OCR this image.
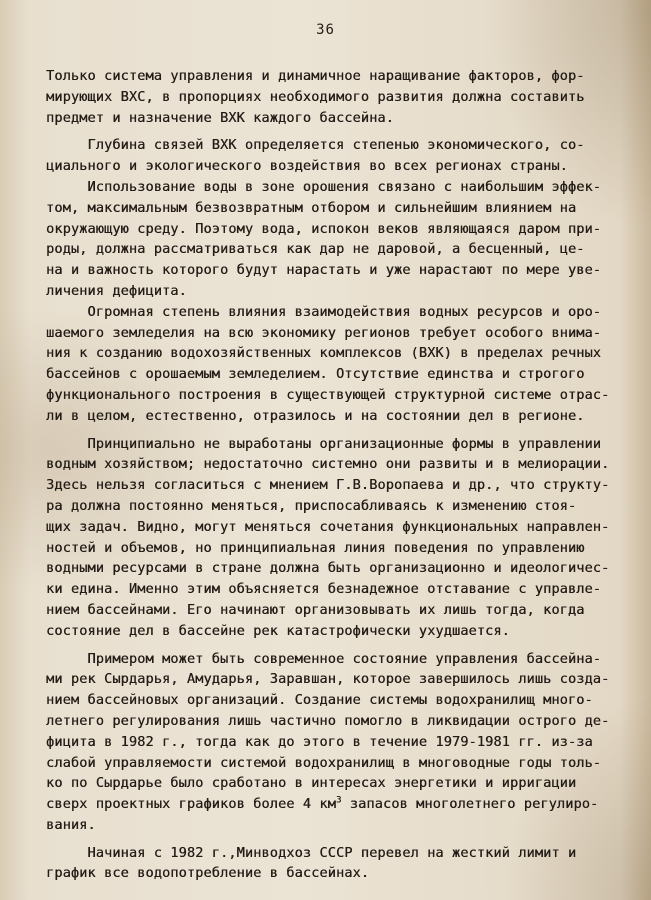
36
Только система управления и динамичное наращивание факторов, фор-
мирующих ВХС, в пропорциях необходимого развития должна составить
предмет и назначение ВХК каждого бассейна.
Глубина связей ВХК определяется степенью экономического, со-
циального и экологического воздействия во всех регионах страны.
Использование воды в зоне орошения связано с наибольшим эффек-
том, максимальным безвозвратным отбором и сильнейшим влиянием на
окружающую среду. Поэтому вода, испокон веков являющаяся даром при-
роды, должна рассматриваться как дар не даровой, а бесценный, це-
на и важность которого будут нарастать и уже нарастают по мере уве-
личения дефицита.
Огромная степень влияния взаимодействия водных ресурсов и оро-
шаемого земледелия на всю экономику регионов требует особого внима-
ния к созданию водохозяйственных комплексов (ВХК) в пределах речных
бассейнов с орошаемым земледелием. Отсутствие единства и строгого
функционального построения в существующей структурной системе отрас-
ли в целом, естественно, отразилось и на состоянии дел в регионе.
Принципиально не выработаны организационные формы в управлении
водным хозяйством; недостаточно системно они развиты и в мелиорации.
Здесь нельзя согласиться с мнением Г.В.Воропаева и др., что структу-
ра должна постоянно меняться, приспосабливаясь к изменению стоя-
щих задач. Видно, могут меняться сочетания функциональных направлен-
ностей и объемов, но принципиальная линия поведения по управлению
водными ресурсами в стране должна быть организационно и идеологичес-
ки едина. Именно этим объясняется безнадежное отставание с управле-
нием бассейнами. Его начинают организовывать их лишь тогда, когда
состояние дел в бассейне рек катастрофически ухудшается.
Примером может быть современное состояние управления бассейна-
ми рек Сырдарья, Амударья, Заравшан, которое завершилось лишь созда-
нием бассейновых организаций. Создание системы водохранилищ много-
летнего регулирования лишь частично помогло в ликвидации острого де-
фицита в 1982 г., тогда как до этого в течение 1979-1981 гг. из-за
слабой управляемости системой водохранилищ в многоводные годы толь-
ко по Сырдарье было сработано в интересах энергетики и ирригации
сверх проектных графиков более 4 $км^3$ запасов многолетнего регулиро-
вания.
Начиная с 1982 г.,Минводхоз СССР перевел на жесткий лимит и
график все водопотребление в бассейнах.
